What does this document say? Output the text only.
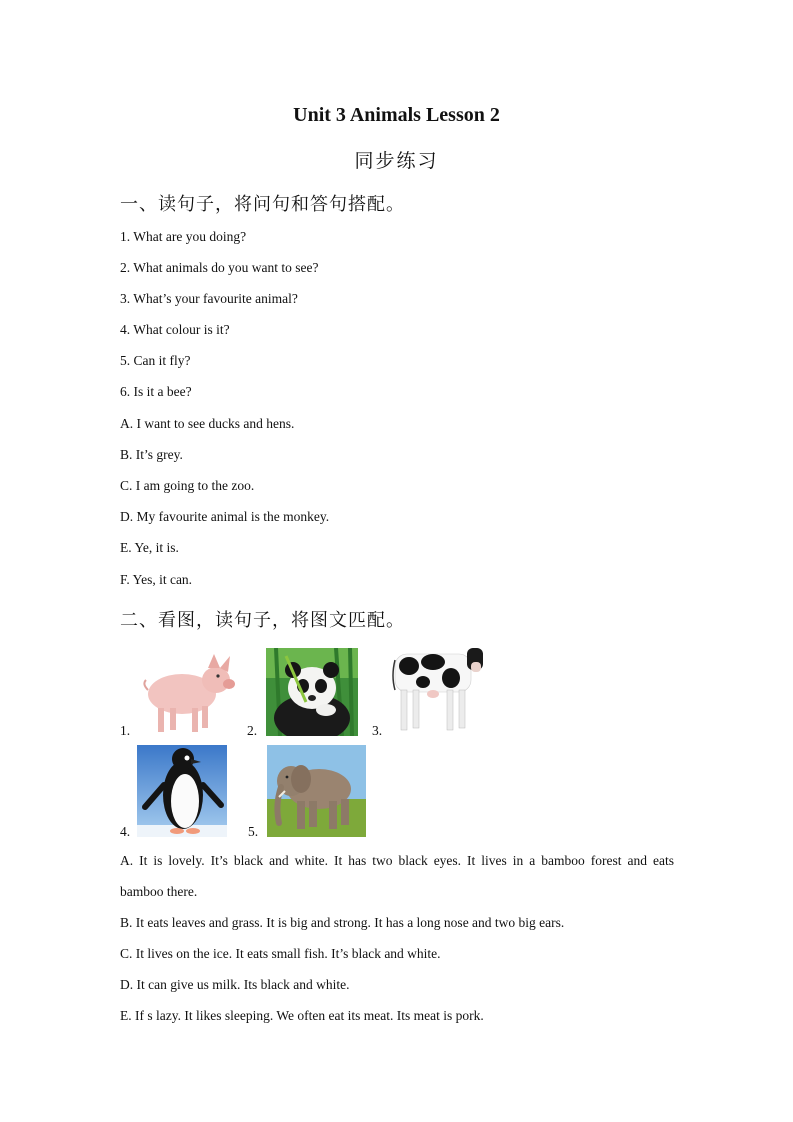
Unit 3 Animals Lesson 2
同步练习
一、读句子，将问句和答句搭配。
1. What are you doing?
2. What animals do you want to see?
3. What’s your favourite animal?
4. What colour is it?
5. Can it fly?
6. Is it a bee?
A. I want to see ducks and hens.
B. It’s grey.
C. I am going to the zoo.
D. My favourite animal is the monkey.
E. Ye, it is.
F. Yes, it can.
二、看图，读句子，将图文匹配。
1.	2.	3.
4.	5.
A. It is lovely. It’s black and white. It has two black eyes. It lives in a bamboo forest and eats
bamboo there.
B. It eats leaves and grass. It is big and strong. It has a long nose and two big ears.
C. It lives on the ice. It eats small fish. It’s black and white.
D. It can give us milk. Its black and white.
E. If s lazy. It likes sleeping. We often eat its meat. Its meat is pork.
